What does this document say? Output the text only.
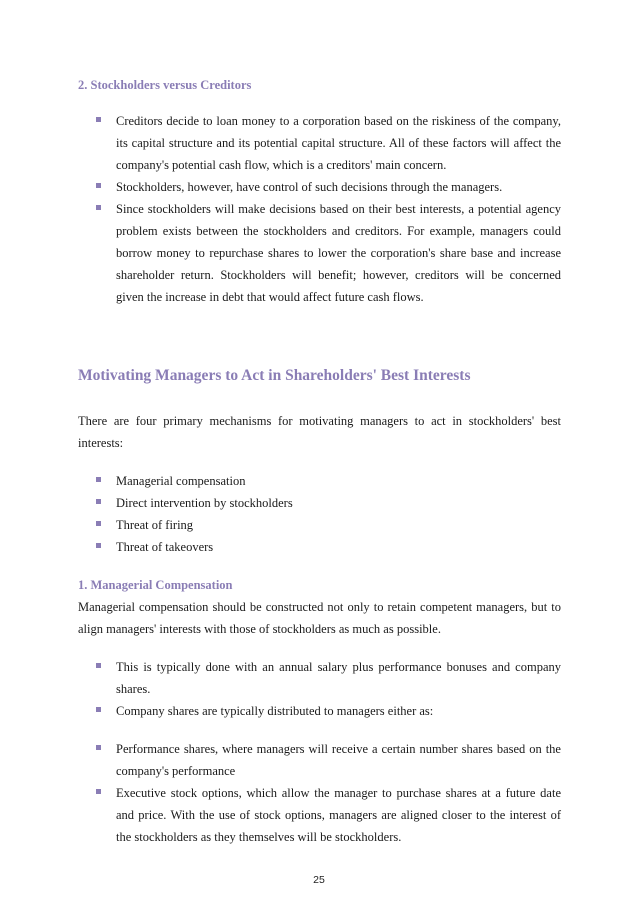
2. Stockholders versus Creditors
Creditors decide to loan money to a corporation based on the riskiness of the company, its capital structure and its potential capital structure. All of these factors will affect the company's potential cash flow, which is a creditors' main concern.
Stockholders, however, have control of such decisions through the managers.
Since stockholders will make decisions based on their best interests, a potential agency problem exists between the stockholders and creditors. For example, managers could borrow money to repurchase shares to lower the corporation's share base and increase shareholder return. Stockholders will benefit; however, creditors will be concerned given the increase in debt that would affect future cash flows.
Motivating Managers to Act in Shareholders' Best Interests
There are four primary mechanisms for motivating managers to act in stockholders' best interests:
Managerial compensation
Direct intervention by stockholders
Threat of firing
Threat of takeovers
1. Managerial Compensation
Managerial compensation should be constructed not only to retain competent managers, but to align managers' interests with those of stockholders as much as possible.
This is typically done with an annual salary plus performance bonuses and company shares.
Company shares are typically distributed to managers either as:
Performance shares, where managers will receive a certain number shares based on the company's performance
Executive stock options, which allow the manager to purchase shares at a future date and price. With the use of stock options, managers are aligned closer to the interest of the stockholders as they themselves will be stockholders.
25
